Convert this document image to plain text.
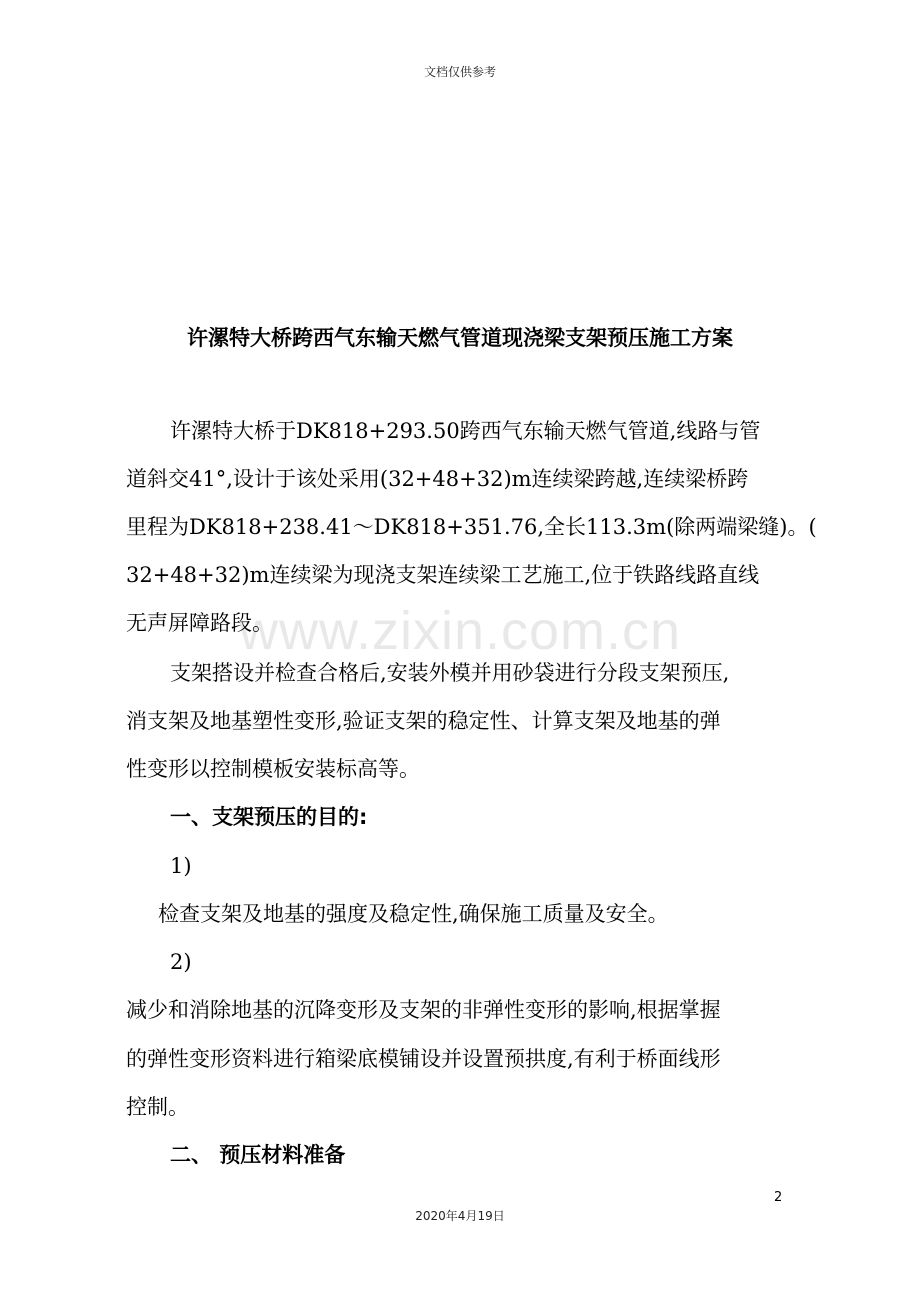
文档仅供参考
许漯特大桥跨西气东输天燃气管道现浇梁支架预压施工方案
许漯特大桥于DK818+293.50跨西气东输天燃气管道,线路与管
道斜交41°,设计于该处采用(32+48+32)m连续梁跨越,连续梁桥跨
里程为DK818+238.41～DK818+351.76,全长113.3m(除两端梁缝)。(
32+48+32)m连续梁为现浇支架连续梁工艺施工,位于铁路线路直线
无声屏障路段。
支架搭设并检查合格后,安装外模并用砂袋进行分段支架预压,
消支架及地基塑性变形,验证支架的稳定性、计算支架及地基的弹
性变形以控制模板安装标高等。
一、支架预压的目的:
1)
检查支架及地基的强度及稳定性,确保施工质量及安全。
2)
减少和消除地基的沉降变形及支架的非弹性变形的影响,根据掌握
的弹性变形资料进行箱梁底模铺设并设置预拱度,有利于桥面线形
控制。
二、 预压材料准备
www.zixin.com.cn
2
2020年4月19日
